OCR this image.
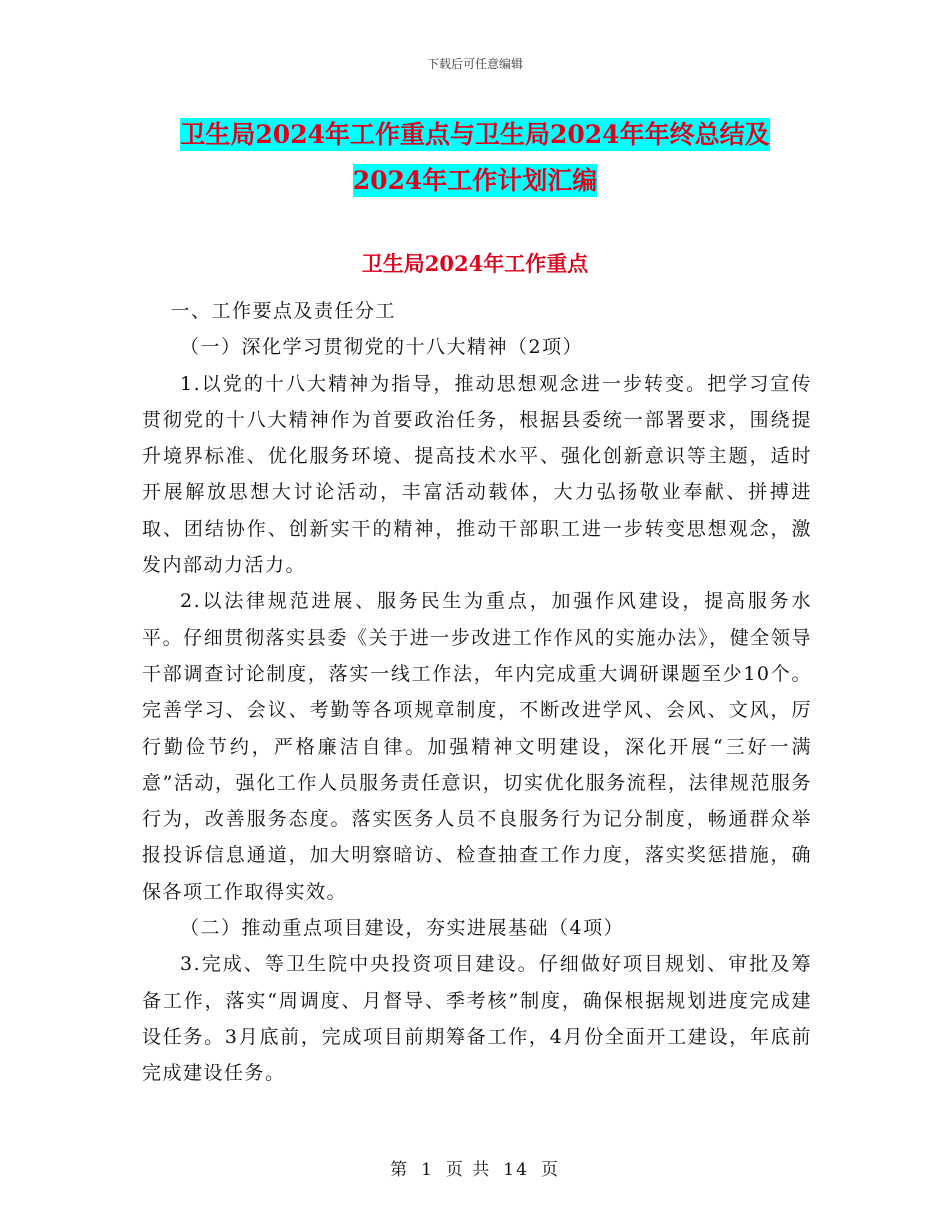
下载后可任意编辑
卫生局2024年工作重点与卫生局2024年年终总结及
2024年工作计划汇编
卫生局2024年工作重点

一、工作要点及责任分工

（一）深化学习贯彻党的十八大精神（2项）

1.以党的十八大精神为指导，推动思想观念进一步转变。把学习宣传贯彻党的十八大精神作为首要政治任务，根据县委统一部署要求，围绕提升境界标准、优化服务环境、提高技术水平、强化创新意识等主题，适时开展解放思想大讨论活动，丰富活动载体，大力弘扬敬业奉献、拼搏进取、团结协作、创新实干的精神，推动干部职工进一步转变思想观念，激发内部动力活力。

2.以法律规范进展、服务民生为重点，加强作风建设，提高服务水平。仔细贯彻落实县委《关于进一步改进工作作风的实施办法》，健全领导干部调查讨论制度，落实一线工作法，年内完成重大调研课题至少10个。完善学习、会议、考勤等各项规章制度，不断改进学风、会风、文风，厉行勤俭节约，严格廉洁自律。加强精神文明建设，深化开展“三好一满意”活动，强化工作人员服务责任意识，切实优化服务流程，法律规范服务行为，改善服务态度。落实医务人员不良服务行为记分制度，畅通群众举报投诉信息通道，加大明察暗访、检查抽查工作力度，落实奖惩措施，确保各项工作取得实效。

（二）推动重点项目建设，夯实进展基础（4项）

3.完成、等卫生院中央投资项目建设。仔细做好项目规划、审批及筹备工作，落实“周调度、月督导、季考核”制度，确保根据规划进度完成建设任务。3月底前，完成项目前期筹备工作，4月份全面开工建设，年底前完成建设任务。

第 1 页 共 14 页
